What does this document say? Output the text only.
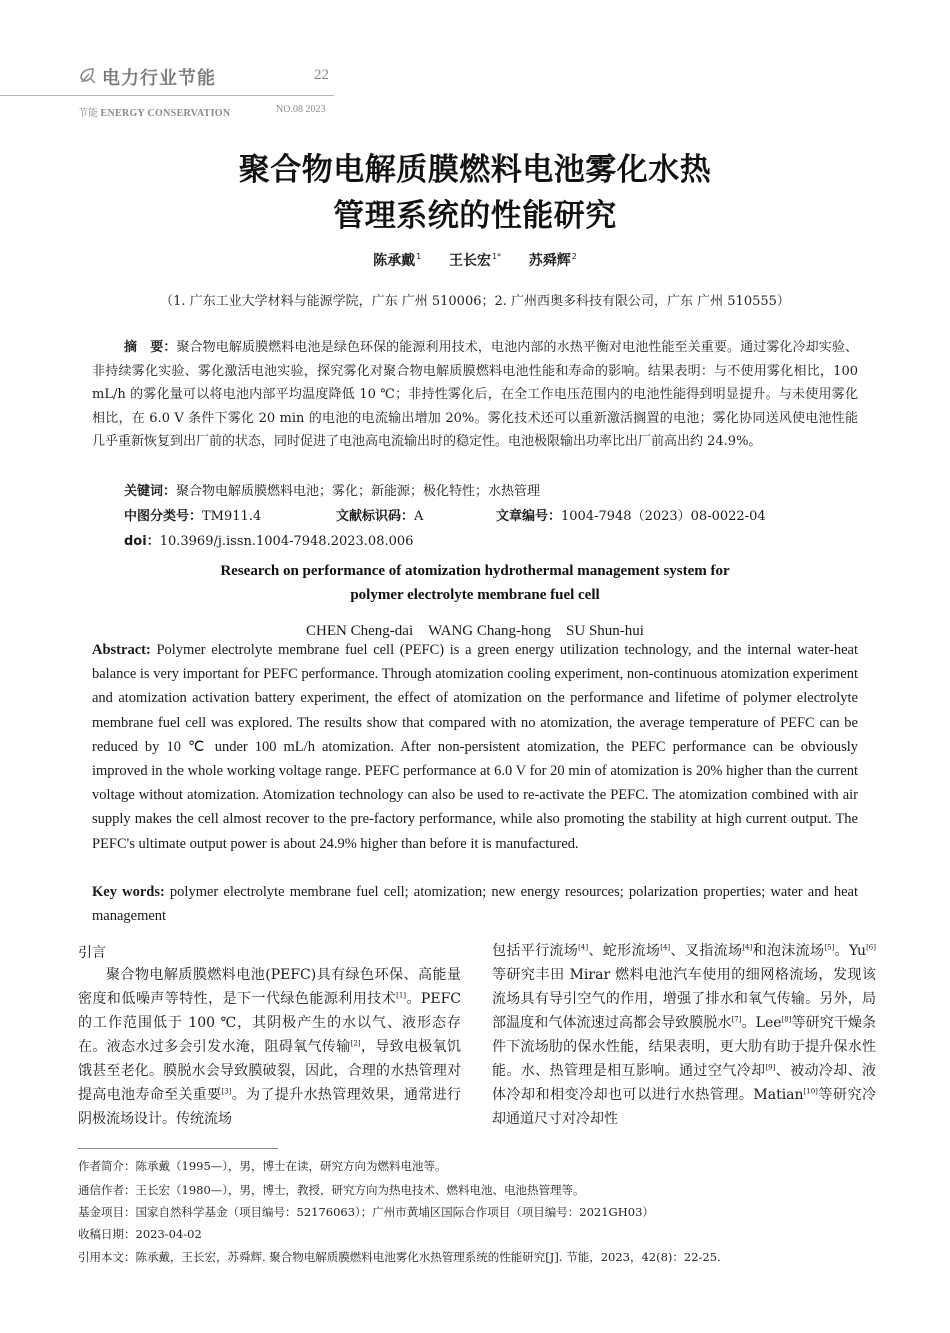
电力行业节能	22
节能 ENERGY CONSERVATION	NO.08 2023
聚合物电解质膜燃料电池雾化水热
管理系统的性能研究
陈承戴$^1$ 王长宏$^{1*}$ 苏舜辉$^2$
（1. 广东工业大学材料与能源学院，广东 广州 510006；2. 广州西奥多科技有限公司，广东 广州 510555）
摘　要：聚合物电解质膜燃料电池是绿色环保的能源利用技术，电池内部的水热平衡对电池性能至关重要。通过雾化冷却实验、非持续雾化实验、雾化激活电池实验，探究雾化对聚合物电解质膜燃料电池性能和寿命的影响。结果表明：与不使用雾化相比，100 mL/h 的雾化量可以将电池内部平均温度降低 10 ℃；非持性雾化后，在全工作电压范围内的电池性能得到明显提升。与未使用雾化相比，在 6.0 V 条件下雾化 20 min 的电池的电流输出增加 20%。雾化技术还可以重新激活搁置的电池；雾化协同送风使电池性能几乎重新恢复到出厂前的状态，同时促进了电池高电流输出时的稳定性。电池极限输出功率比出厂前高出约 24.9%。
关键词：聚合物电解质膜燃料电池；雾化；新能源；极化特性；水热管理
中图分类号：TM911.4	文献标识码：A	文章编号：1004-7948（2023）08-0022-04
doi：10.3969/j.issn.1004-7948.2023.08.006
Research on performance of atomization hydrothermal management system for
polymer electrolyte membrane fuel cell
CHEN Cheng-dai　WANG Chang-hong　SU Shun-hui
Abstract: Polymer electrolyte membrane fuel cell (PEFC) is a green energy utilization technology, and the internal water-heat balance is very important for PEFC performance. Through atomization cooling experiment, non-continuous atomization experiment and atomization activation battery experiment, the effect of atomization on the performance and lifetime of polymer electrolyte membrane fuel cell was explored. The results show that compared with no atomization, the average temperature of PEFC can be reduced by 10 ℃ under 100 mL/h atomization. After non-persistent atomization, the PEFC performance can be obviously improved in the whole working voltage range. PEFC performance at 6.0 V for 20 min of atomization is 20% higher than the current voltage without atomization. Atomization technology can also be used to re-activate the PEFC. The atomization combined with air supply makes the cell almost recover to the pre-factory performance, while also promoting the stability at high current output. The PEFC's ultimate output power is about 24.9% higher than before it is manufactured.
Key words: polymer electrolyte membrane fuel cell; atomization; new energy resources; polarization properties; water and heat management
引言
聚合物电解质膜燃料电池(PEFC)具有绿色环保、高能量密度和低噪声等特性，是下一代绿色能源利用技术[1]。PEFC 的工作范围低于 100 ℃，其阴极产生的水以气、液形态存在。液态水过多会引发水淹，阻碍氧气传输[2]，导致电极氧饥饿甚至老化。膜脱水会导致膜破裂，因此，合理的水热管理对提高电池寿命至关重要[3]。为了提升水热管理效果，通常进行阴极流场设计。传统流场
包括平行流场[4]、蛇形流场[4]、叉指流场[4]和泡沫流场[5]。Yu[6]等研究丰田 Mirar 燃料电池汽车使用的细网格流场，发现该流场具有导引空气的作用，增强了排水和氧气传输。另外，局部温度和气体流速过高都会导致膜脱水[7]。Lee[8]等研究干燥条件下流场肋的保水性能，结果表明，更大肋有助于提升保水性能。水、热管理是相互影响。通过空气冷却[9]、被动冷却、液体冷却和相变冷却也可以进行水热管理。Matian[10]等研究冷却通道尺寸对冷却性
作者简介：陈承戴（1995—），男，博士在读，研究方向为燃料电池等。
通信作者：王长宏（1980—），男，博士，教授，研究方向为热电技术、燃料电池、电池热管理等。
基金项目：国家自然科学基金（项目编号：52176063）；广州市黄埔区国际合作项目（项目编号：2021GH03）
收稿日期：2023-04-02
引用本文：陈承戴，王长宏，苏舜辉. 聚合物电解质膜燃料电池雾化水热管理系统的性能研究[J]. 节能，2023，42(8)：22-25.
